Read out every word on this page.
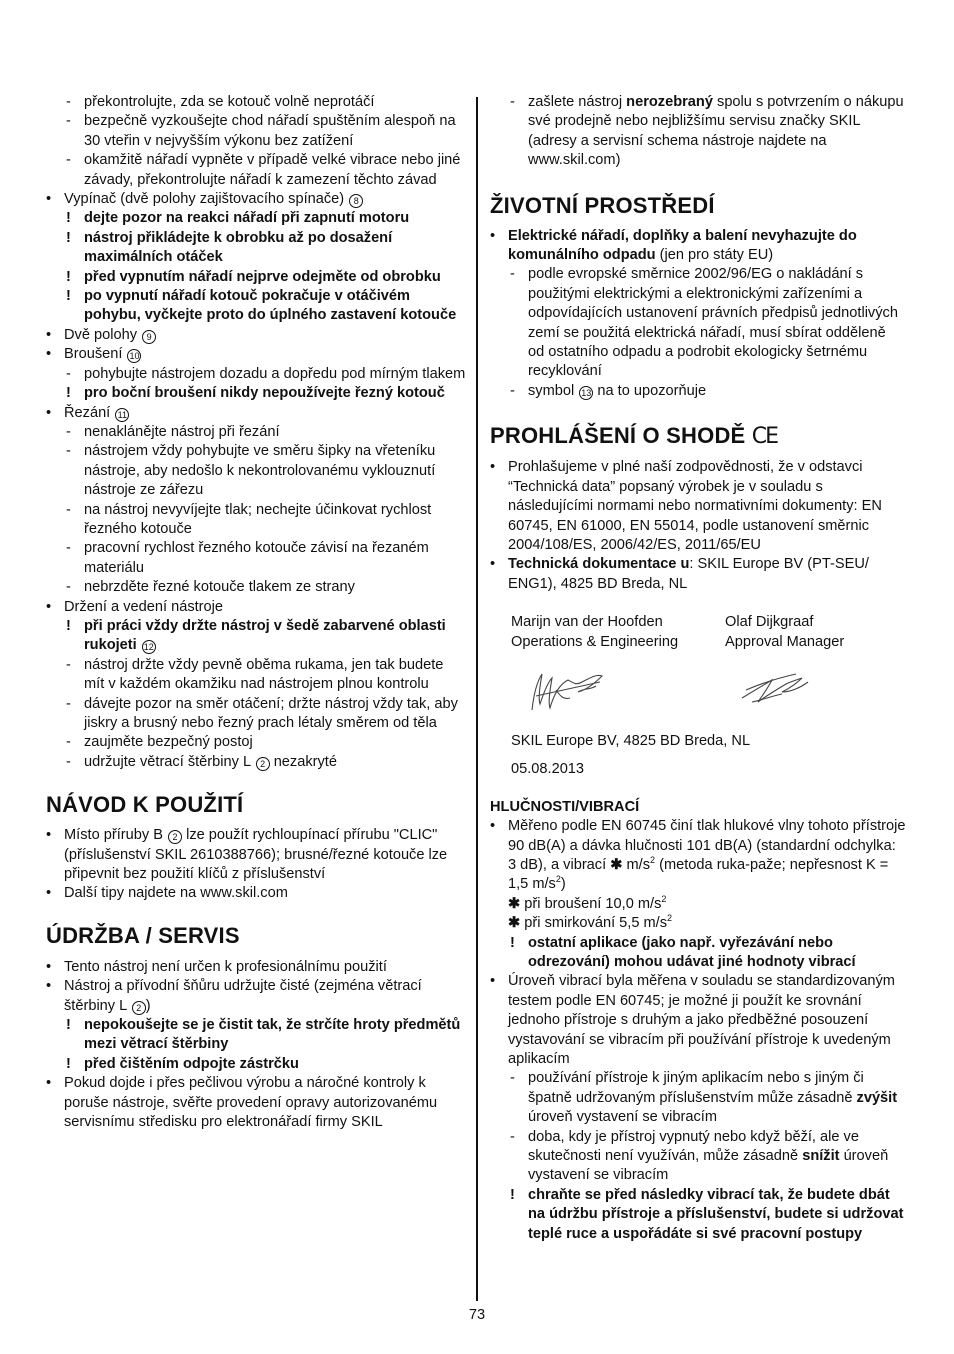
- překontrolujte, zda se kotouč volně neprotáčí
- bezpečně vyzkoušejte chod nářadí spuštěním alespoň na 30 vteřin v nejvyšším výkonu bez zatížení
- okamžitě nářadí vypněte v případě velké vibrace nebo jiné závady, překontrolujte nářadí k zamezení těchto závad
• Vypínač (dvě polohy zajištovacího spínače) 8
! dejte pozor na reakci nářadí při zapnutí motoru
! nástroj přikládejte k obrobku až po dosažení maximálních otáček
! před vypnutím nářadí nejprve odejměte od obrobku
! po vypnutí nářadí kotouč pokračuje v otáčivém pohybu, vyčkejte proto do úplného zastavení kotouče
• Dvě polohy 9
• Broušení 10
- pohybujte nástrojem dozadu a dopředu pod mírným tlakem
! pro boční broušení nikdy nepoužívejte řezný kotouč
• Řezání 11
- nenaklánějte nástroj při řezání
- nástrojem vždy pohybujte ve směru šipky na vřeteníku nástroje, aby nedošlo k nekontrolovanému vyklouznutí nástroje ze zářezu
- na nástroj nevyvíjejte tlak; nechejte účinkovat rychlost řezného kotouče
- pracovní rychlost řezného kotouče závisí na řezaném materiálu
- nebrzděte řezné kotouče tlakem ze strany
• Držení a vedení nástroje
! při práci vždy držte nástroj v šedě zabarvené oblasti rukojeti 12
- nástroj držte vždy pevně oběma rukama, jen tak budete mít v každém okamžiku nad nástrojem plnou kontrolu
- dávejte pozor na směr otáčení; držte nástroj vždy tak, aby jiskry a brusný nebo řezný prach létaly směrem od těla
- zaujměte bezpečný postoj
- udržujte větrací štěrbiny L 2 nezakryté
NÁVOD K POUŽITÍ
• Místo příruby B 2 lze použít rychloupínací přírubu "CLIC" (příslušenství SKIL 2610388766); brusné/řezné kotouče lze připevnit bez použití klíčů z příslušenství
• Další tipy najdete na www.skil.com
ÚDRŽBA / SERVIS
• Tento nástroj není určen k profesionálnímu použití
• Nástroj a přívodní šňůru udržujte čisté (zejména větrací štěrbiny L 2 )
! nepokoušejte se je čistit tak, že strčíte hroty předmětů mezi větrací štěrbiny
! před čištěním odpojte zástrčku
• Pokud dojde i přes pečlivou výrobu a náročné kontroly k poruše nástroje, svěřte provedení opravy autorizovanému servisnímu středisku pro elektronářadí firmy SKIL
- zašlete nástroj nerozebraný spolu s potvrzením o nákupu své prodejně nebo nejbližšímu servisu značky SKIL (adresy a servisní schema nástroje najdete na www.skil.com)
ŽIVOTNÍ PROSTŘEDÍ
• Elektrické nářadí, doplňky a balení nevyhazujte do komunálního odpadu (jen pro státy EU)
- podle evropské směrnice 2002/96/EG o nakládání s použitými elektrickými a elektronickými zařízeními a odpovídajících ustanovení právních předpisů jednotlivých zemí se použitá elektrická nářadí, musí sbírat odděleně od ostatního odpadu a podrobit ekologicky šetrnému recyklování
- symbol 13 na to upozorňuje
PROHLÁŠENÍ O SHODĚ CE
• Prohlašujeme v plné naší zodpovědnosti, že v odstavci “Technická data” popsaný výrobek je v souladu s následujícími normami nebo normativními dokumenty: EN 60745, EN 61000, EN 55014, podle ustanovení směrnic 2004/108/ES, 2006/42/ES, 2011/65/EU
• Technická dokumentace u: SKIL Europe BV (PT-SEU/ ENG1), 4825 BD Breda, NL
Marijn van der Hoofden
Operations & Engineering
Olaf Dijkgraaf
Approval Manager
SKIL Europe BV, 4825 BD Breda, NL
05.08.2013
HLUČNOSTI/VIBRACÍ
• Měřeno podle EN 60745 činí tlak hlukové vlny tohoto přístroje 90 dB(A) a dávka hlučnosti 101 dB(A) (standardní odchylka: 3 dB), a vibrací ✱ $m/s^2$ (metoda ruka-paže; nepřesnost K = 1,5 $m/s^2$)
✱ při broušení 10,0 $m/s^2$
✱ při smirkování 5,5 $m/s^2$
! ostatní aplikace (jako např. vyřezávání nebo odrezování) mohou udávat jiné hodnoty vibrací
• Úroveň vibrací byla měřena v souladu se standardizovaným testem podle EN 60745; je možné ji použít ke srovnání jednoho přístroje s druhým a jako předběžné posouzení vystavování se vibracím při používání přístroje k uvedeným aplikacím
- používání přístroje k jiným aplikacím nebo s jiným či špatně udržovaným příslušenstvím může zásadně zvýšit úroveň vystavení se vibracím
- doba, kdy je přístroj vypnutý nebo když běží, ale ve skutečnosti není využíván, může zásadně snížit úroveň vystavení se vibracím
! chraňte se před následky vibrací tak, že budete dbát na údržbu přístroje a příslušenství, budete si udržovat teplé ruce a uspořádáte si své pracovní postupy
73
